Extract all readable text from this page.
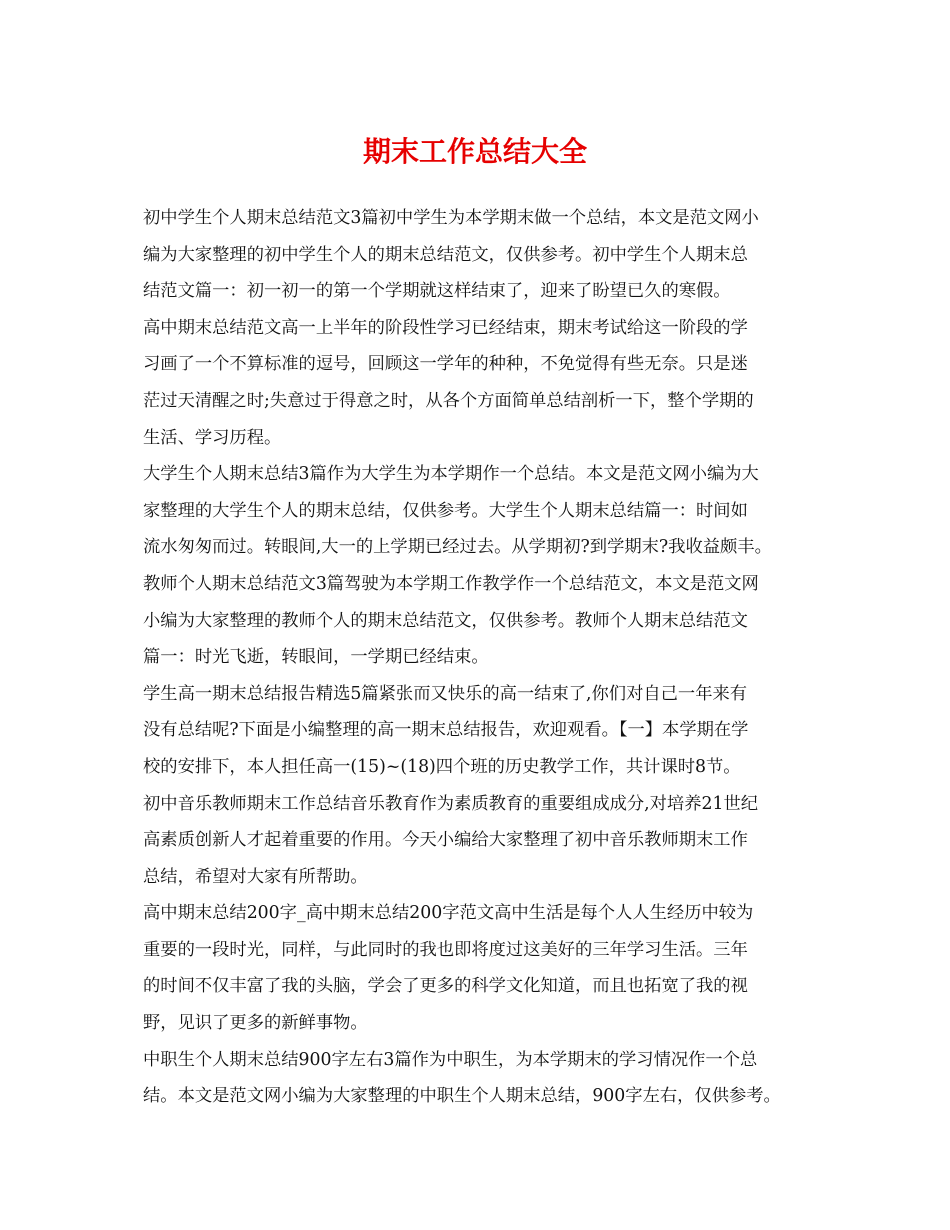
期末工作总结大全
初中学生个人期末总结范文3篇初中学生为本学期末做一个总结，本文是范文网小
编为大家整理的初中学生个人的期末总结范文，仅供参考。初中学生个人期末总
结范文篇一：初一初一的第一个学期就这样结束了，迎来了盼望已久的寒假。
高中期末总结范文高一上半年的阶段性学习已经结束，期末考试给这一阶段的学
习画了一个不算标准的逗号，回顾这一学年的种种，不免觉得有些无奈。只是迷
茫过天清醒之时;失意过于得意之时，从各个方面简单总结剖析一下，整个学期的
生活、学习历程。
大学生个人期末总结3篇作为大学生为本学期作一个总结。本文是范文网小编为大
家整理的大学生个人的期末总结，仅供参考。大学生个人期末总结篇一：时间如
流水匆匆而过。转眼间,大一的上学期已经过去。从学期初?到学期末?我收益颇丰。
教师个人期末总结范文3篇驾驶为本学期工作教学作一个总结范文，本文是范文网
小编为大家整理的教师个人的期末总结范文，仅供参考。教师个人期末总结范文
篇一：时光飞逝，转眼间，一学期已经结束。
学生高一期末总结报告精选5篇紧张而又快乐的高一结束了,你们对自己一年来有
没有总结呢?下面是小编整理的高一期末总结报告，欢迎观看。【一】本学期在学
校的安排下，本人担任高一(15)~(18)四个班的历史教学工作，共计课时8节。
初中音乐教师期末工作总结音乐教育作为素质教育的重要组成成分,对培养21世纪
高素质创新人才起着重要的作用。今天小编给大家整理了初中音乐教师期末工作
总结，希望对大家有所帮助。
高中期末总结200字_高中期末总结200字范文高中生活是每个人人生经历中较为
重要的一段时光，同样，与此同时的我也即将度过这美好的三年学习生活。三年
的时间不仅丰富了我的头脑，学会了更多的科学文化知道，而且也拓宽了我的视
野，见识了更多的新鲜事物。
中职生个人期末总结900字左右3篇作为中职生，为本学期末的学习情况作一个总
结。本文是范文网小编为大家整理的中职生个人期末总结，900字左右，仅供参考。
